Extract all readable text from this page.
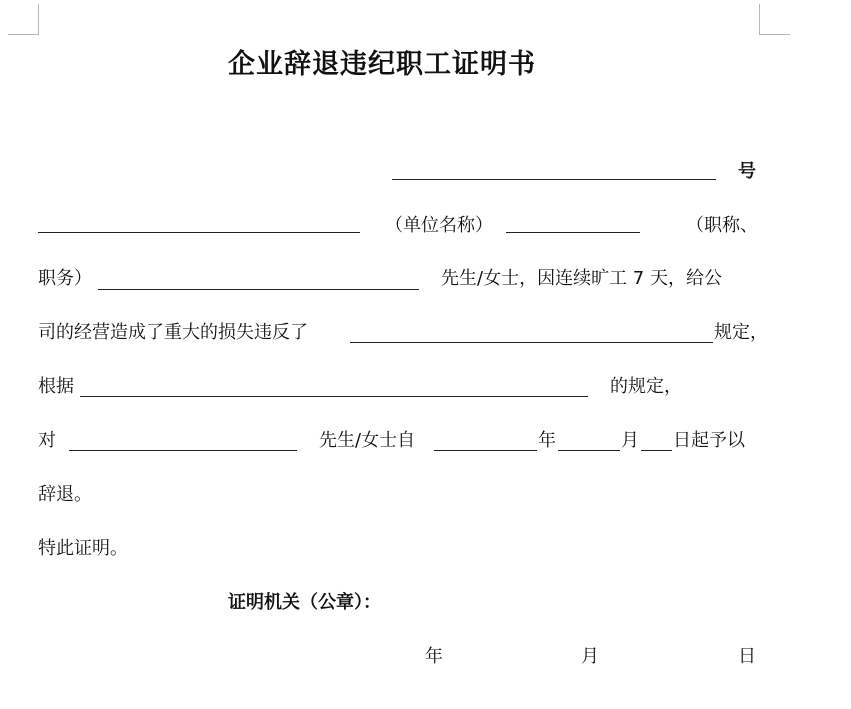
企业辞退违纪职工证明书
号
（单位名称）	（职称、
职务）	先生/女士，因连续旷工 7 天，给公
司的经营造成了重大的损失违反了	规定，
根据	的规定，
对	先生/女士自	年	月 日起予以
辞退。
特此证明。
证明机关（公章）：
年	月	日
